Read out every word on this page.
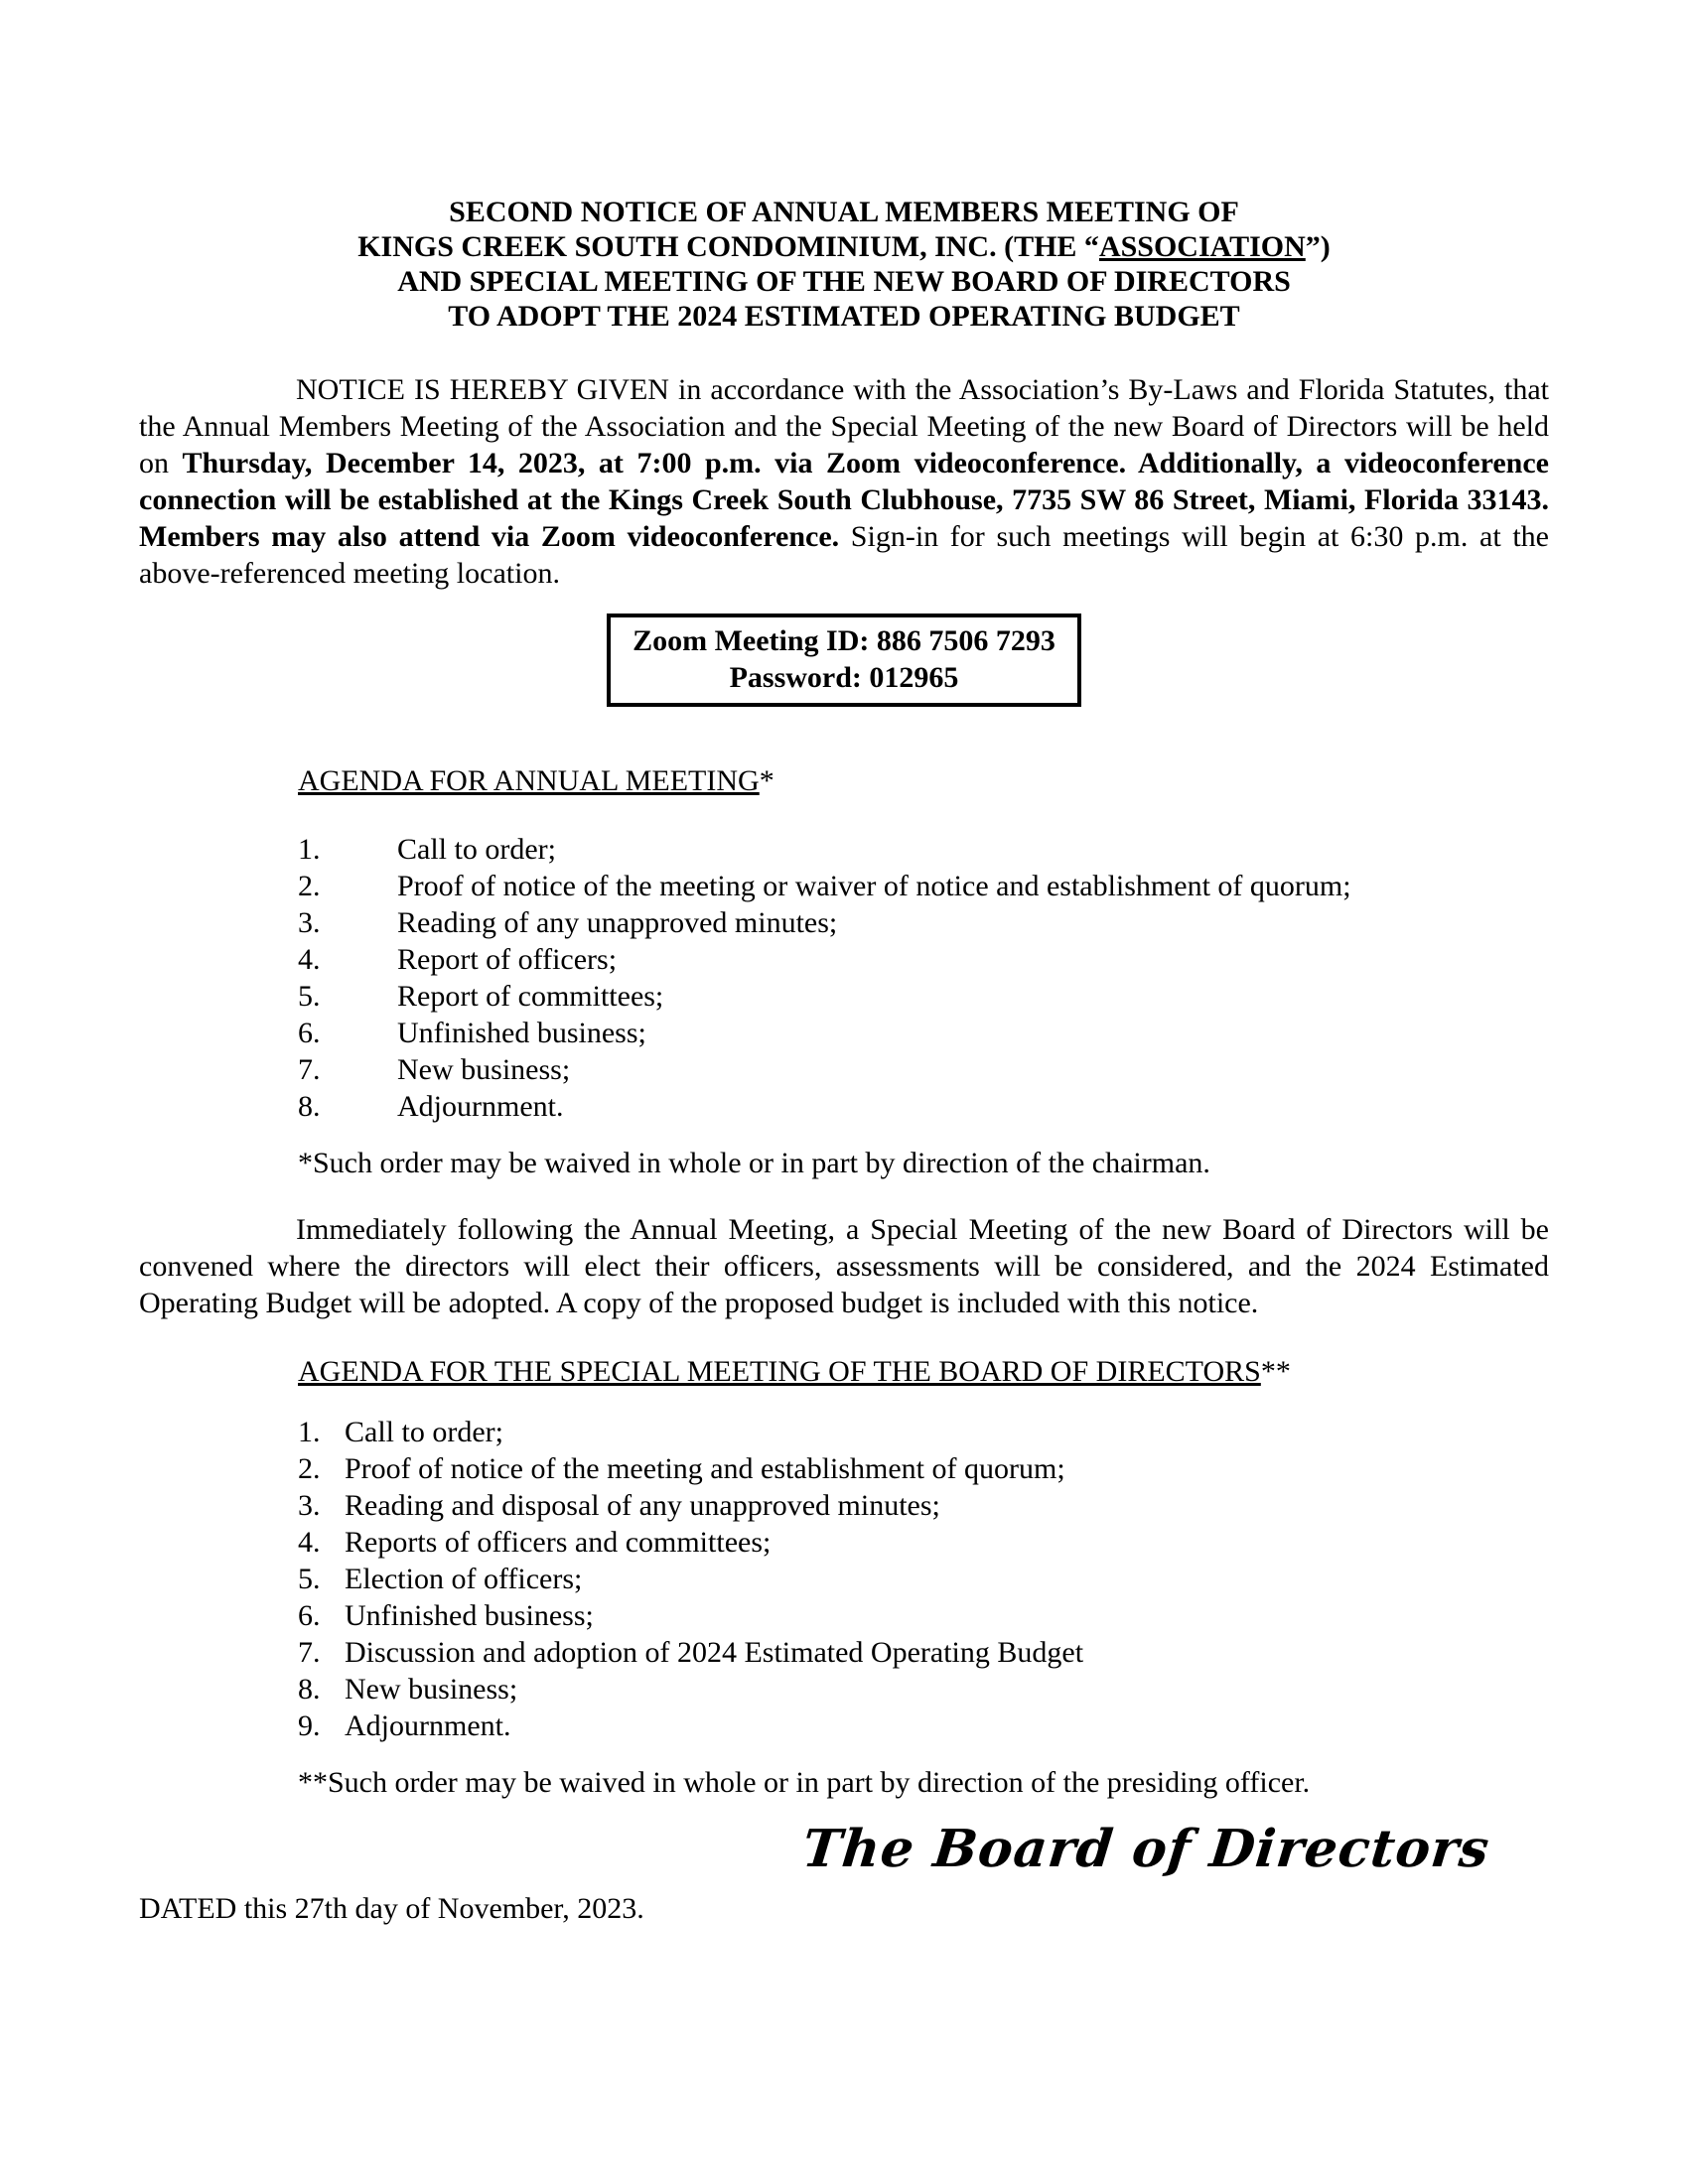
SECOND NOTICE OF ANNUAL MEMBERS MEETING OF
KINGS CREEK SOUTH CONDOMINIUM, INC. (THE “ASSOCIATION”)
AND SPECIAL MEETING OF THE NEW BOARD OF DIRECTORS
TO ADOPT THE 2024 ESTIMATED OPERATING BUDGET

NOTICE IS HEREBY GIVEN in accordance with the Association’s By-Laws and Florida Statutes, that the Annual Members Meeting of the Association and the Special Meeting of the new Board of Directors will be held on Thursday, December 14, 2023, at 7:00 p.m. via Zoom videoconference. Additionally, a videoconference connection will be established at the Kings Creek South Clubhouse, 7735 SW 86 Street, Miami, Florida 33143. Members may also attend via Zoom videoconference. Sign-in for such meetings will begin at 6:30 p.m. at the above-referenced meeting location.

Zoom Meeting ID: 886 7506 7293
Password: 012965
AGENDA FOR ANNUAL MEETING*
1.	Call to order;
2.	Proof of notice of the meeting or waiver of notice and establishment of quorum;
3.	Reading of any unapproved minutes;
4.	Report of officers;
5.	Report of committees;
6.	Unfinished business;
7.	New business;
8.	Adjournment.
*Such order may be waived in whole or in part by direction of the chairman.

Immediately following the Annual Meeting, a Special Meeting of the new Board of Directors will be convened where the directors will elect their officers, assessments will be considered, and the 2024 Estimated Operating Budget will be adopted. A copy of the proposed budget is included with this notice.

AGENDA FOR THE SPECIAL MEETING OF THE BOARD OF DIRECTORS**
1. Call to order;
2. Proof of notice of the meeting and establishment of quorum;
3. Reading and disposal of any unapproved minutes;
4. Reports of officers and committees;
5. Election of officers;
6. Unfinished business;
7. Discussion and adoption of 2024 Estimated Operating Budget
8. New business;
9. Adjournment.
**Such order may be waived in whole or in part by direction of the presiding officer.
The Board of Directors
DATED this 27th day of November, 2023.
